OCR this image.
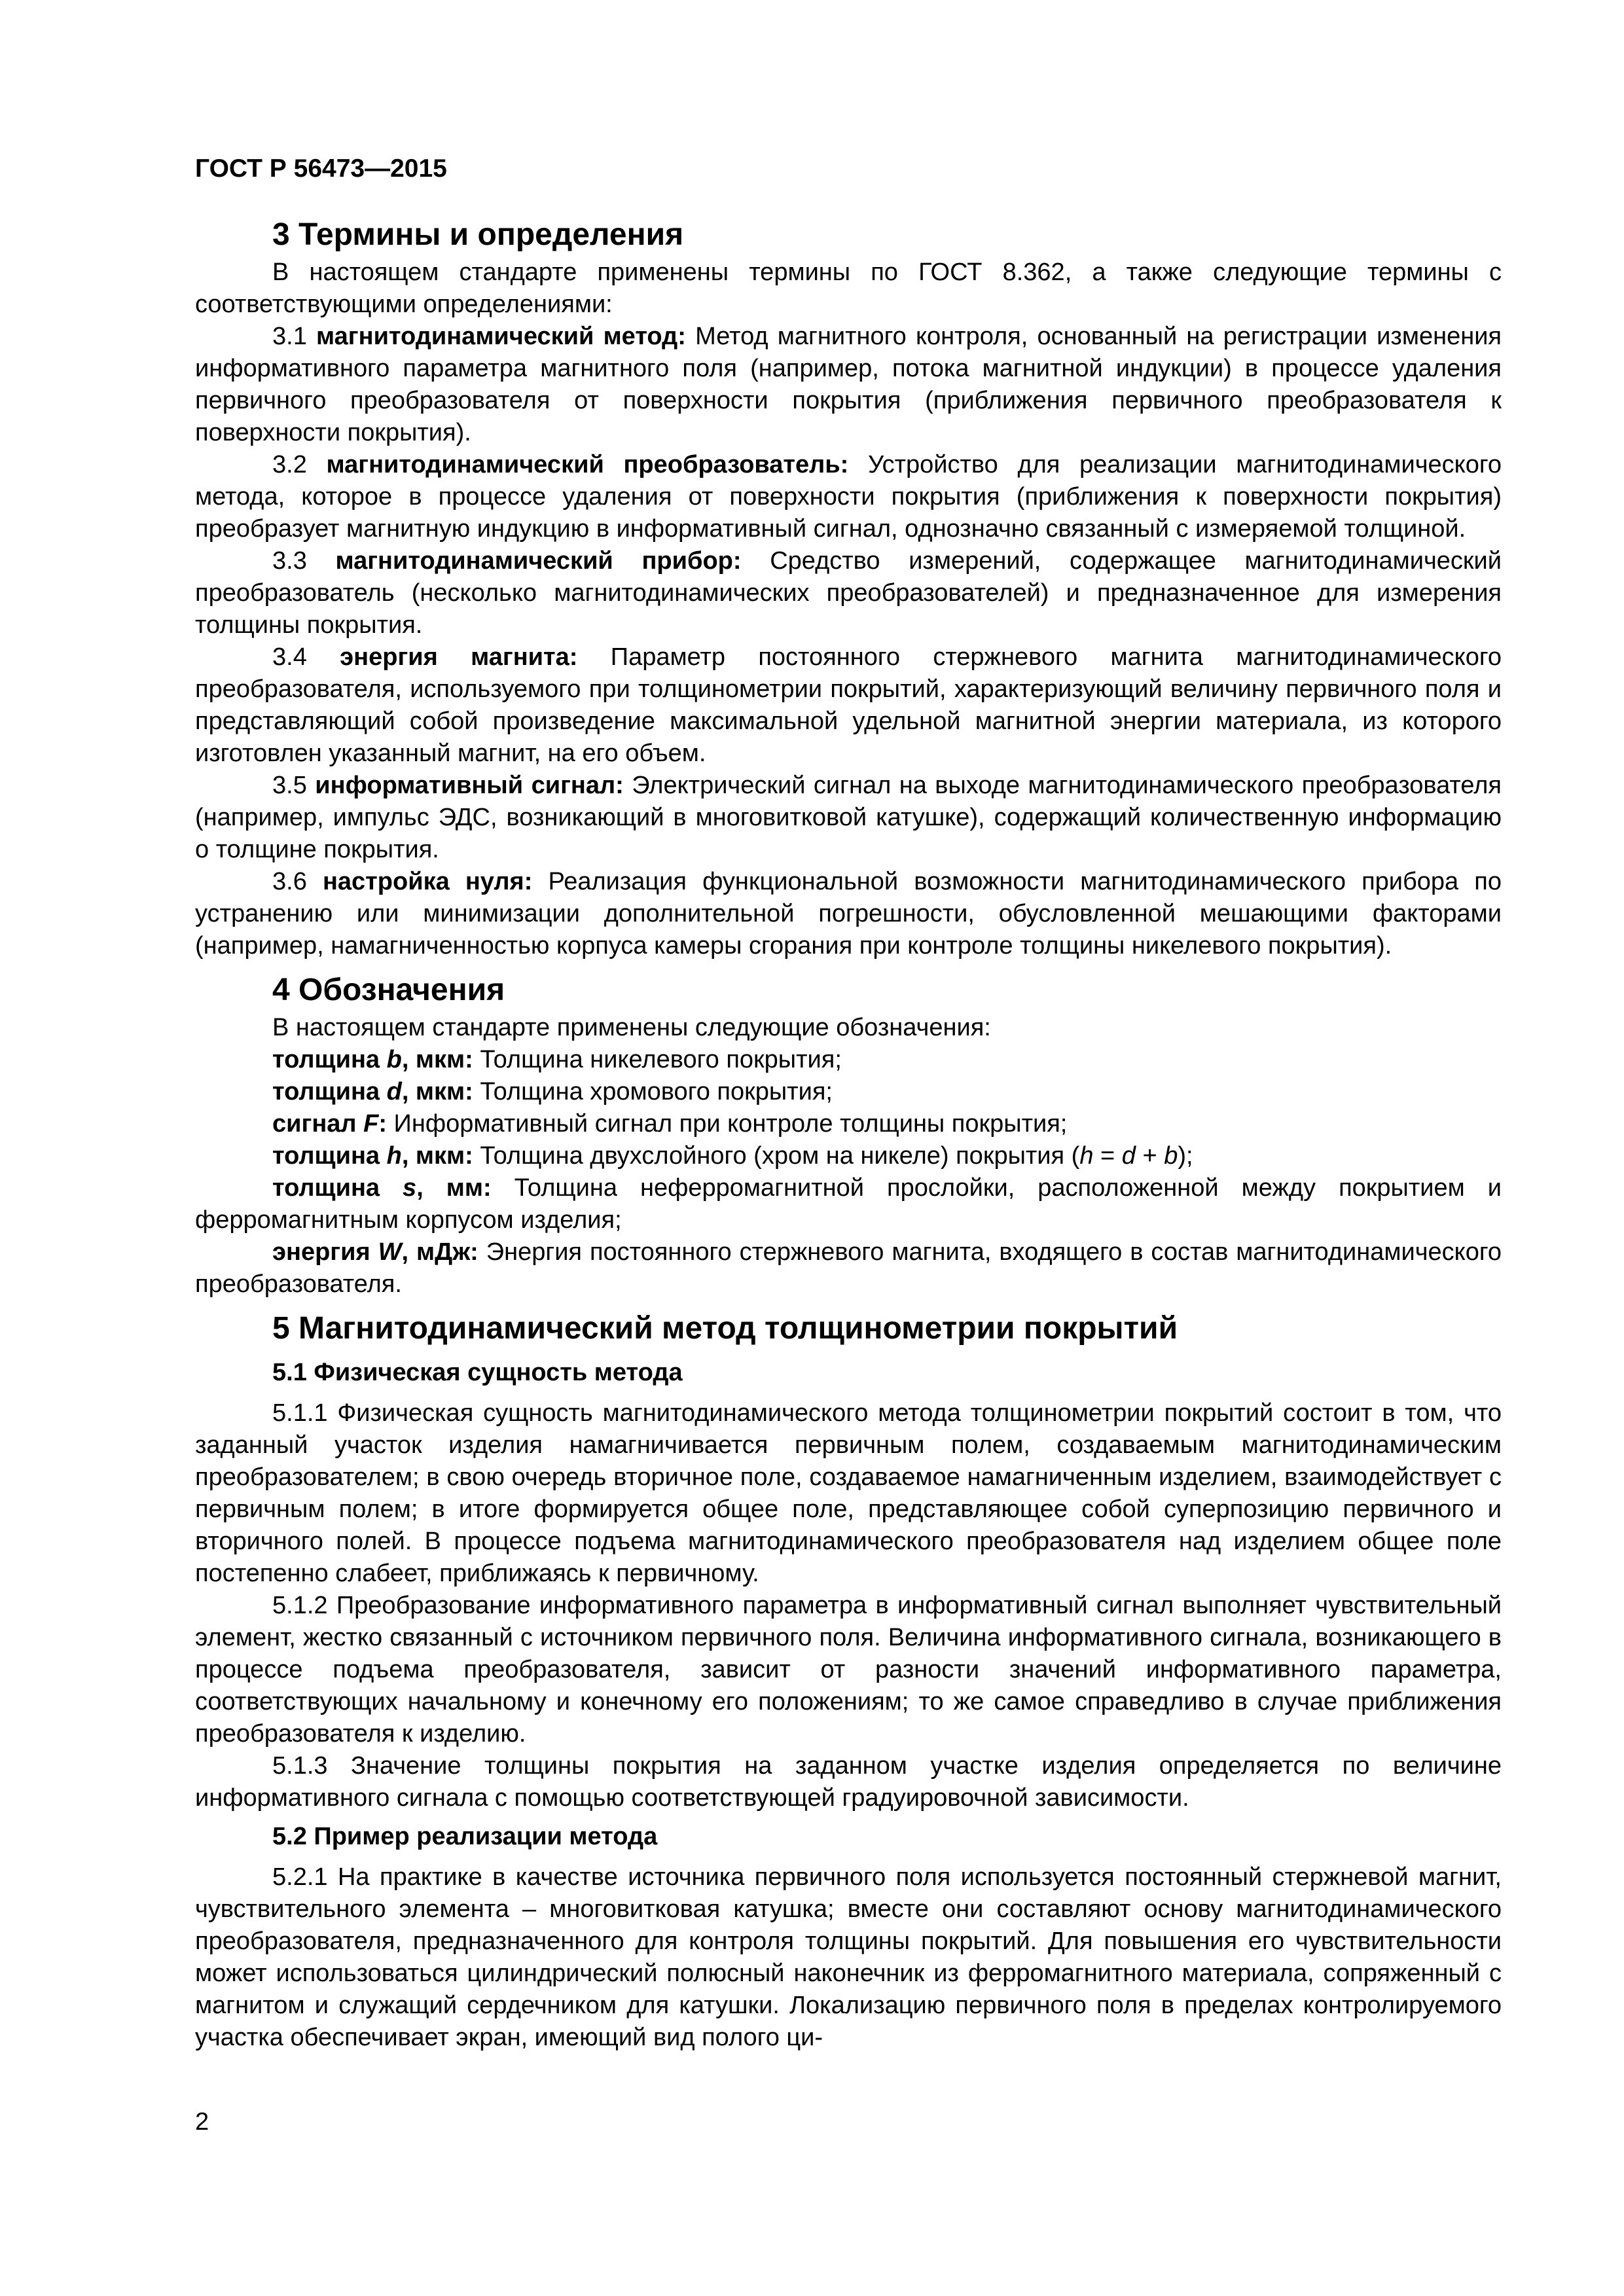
ГОСТ Р 56473—2015
3 Термины и определения

В настоящем стандарте применены термины по ГОСТ 8.362, а также следующие термины с соответствующими определениями:

3.1 магнитодинамический метод: Метод магнитного контроля, основанный на регистрации изменения информативного параметра магнитного поля (например, потока магнитной индукции) в процессе удаления первичного преобразователя от поверхности покрытия (приближения первичного преобразователя к поверхности покрытия).

3.2 магнитодинамический преобразователь: Устройство для реализации магнитодинамического метода, которое в процессе удаления от поверхности покрытия (приближения к поверхности покрытия) преобразует магнитную индукцию в информативный сигнал, однозначно связанный с измеряемой толщиной.

3.3 магнитодинамический прибор: Средство измерений, содержащее магнитодинамический преобразователь (несколько магнитодинамических преобразователей) и предназначенное для измерения толщины покрытия.

3.4 энергия магнита: Параметр постоянного стержневого магнита магнитодинамического преобразователя, используемого при толщинометрии покрытий, характеризующий величину первичного поля и представляющий собой произведение максимальной удельной магнитной энергии материала, из которого изготовлен указанный магнит, на его объем.

3.5 информативный сигнал: Электрический сигнал на выходе магнитодинамического преобразователя (например, импульс ЭДС, возникающий в многовитковой катушке), содержащий количественную информацию о толщине покрытия.

3.6 настройка нуля: Реализация функциональной возможности магнитодинамического прибора по устранению или минимизации дополнительной погрешности, обусловленной мешающими факторами (например, намагниченностью корпуса камеры сгорания при контроле толщины никелевого покрытия).

4 Обозначения

В настоящем стандарте применены следующие обозначения:

толщина b, мкм: Толщина никелевого покрытия;

толщина d, мкм: Толщина хромового покрытия;

сигнал F: Информативный сигнал при контроле толщины покрытия;

толщина h, мкм: Толщина двухслойного (хром на никеле) покрытия (h = d + b);

толщина s, мм: Толщина неферромагнитной прослойки, расположенной между покрытием и ферромагнитным корпусом изделия;

энергия W, мДж: Энергия постоянного стержневого магнита, входящего в состав магнитодинамического преобразователя.

5 Магнитодинамический метод толщинометрии покрытий
5.1 Физическая сущность метода

5.1.1 Физическая сущность магнитодинамического метода толщинометрии покрытий состоит в том, что заданный участок изделия намагничивается первичным полем, создаваемым магнитодинамическим преобразователем; в свою очередь вторичное поле, создаваемое намагниченным изделием, взаимодействует с первичным полем; в итоге формируется общее поле, представляющее собой суперпозицию первичного и вторичного полей. В процессе подъема магнитодинамического преобразователя над изделием общее поле постепенно слабеет, приближаясь к первичному.

5.1.2 Преобразование информативного параметра в информативный сигнал выполняет чувствительный элемент, жестко связанный с источником первичного поля. Величина информативного сигнала, возникающего в процессе подъема преобразователя, зависит от разности значений информативного параметра, соответствующих начальному и конечному его положениям; то же самое справедливо в случае приближения преобразователя к изделию.

5.1.3 Значение толщины покрытия на заданном участке изделия определяется по величине информативного сигнала с помощью соответствующей градуировочной зависимости.

5.2 Пример реализации метода

5.2.1 На практике в качестве источника первичного поля используется постоянный стержневой магнит, чувствительного элемента – многовитковая катушка; вместе они составляют основу магнитодинамического преобразователя, предназначенного для контроля толщины покрытий. Для повышения его чувствительности может использоваться цилиндрический полюсный наконечник из ферромагнитного материала, сопряженный с магнитом и служащий сердечником для катушки. Локализацию первичного поля в пределах контролируемого участка обеспечивает экран, имеющий вид полого ци-

2
